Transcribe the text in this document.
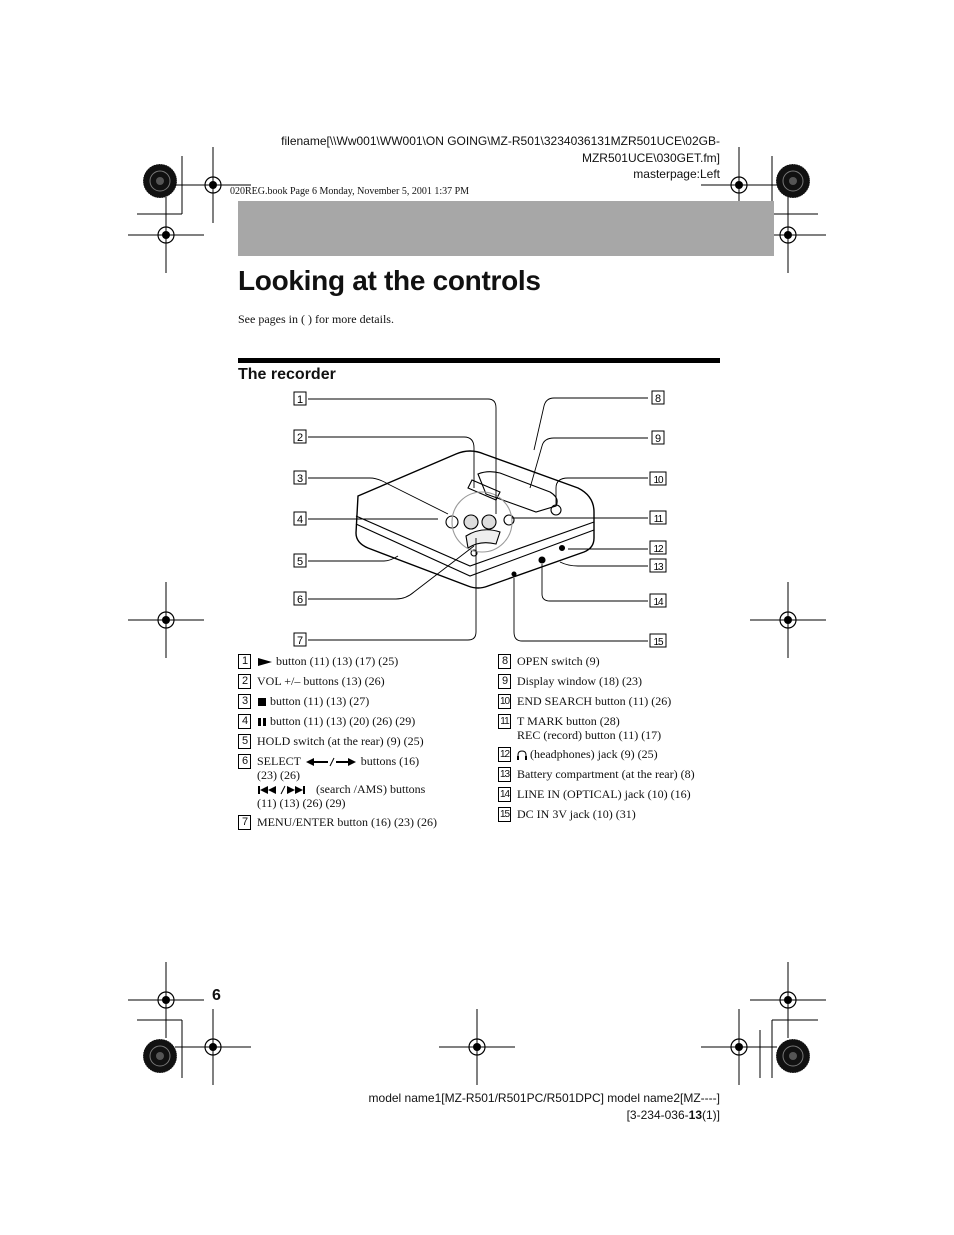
filename[\\Ww001\WW001\ON GOING\MZ-R501\3234036131MZR501UCE\02GB-
MZR501UCE\030GET.fm]
masterpage:Left
020REG.book Page 6 Monday, November 5, 2001 1:37 PM
Looking at the controls
See pages in ( ) for more details.
The recorder
1
2
3
4
5
6
7
8
9
10
11
12
13
14
15
1	button (11) (13) (17) (25)
2 VOL +/– buttons (13) (26)
3	button (11) (13) (27)
4	button (11) (13) (20) (26) (29)
5 HOLD switch (at the rear) (9) (25)
6 SELECT	buttons (16)
(23) (26)
(search /AMS) buttons
(11) (13) (26) (29)
7 MENU/ENTER button (16) (23) (26)
8 OPEN switch (9)
9 Display window (18) (23)
10 END SEARCH button (11) (26)
11 T MARK button (28)
REC (record) button (11) (17)
12	(headphones) jack (9) (25)
13 Battery compartment (at the rear) (8)
14 LINE IN (OPTICAL) jack (10) (16)
15 DC IN 3V jack (10) (31)
6
model name1[MZ-R501/R501PC/R501DPC] model name2[MZ----]
[3-234-036-13(1)]
